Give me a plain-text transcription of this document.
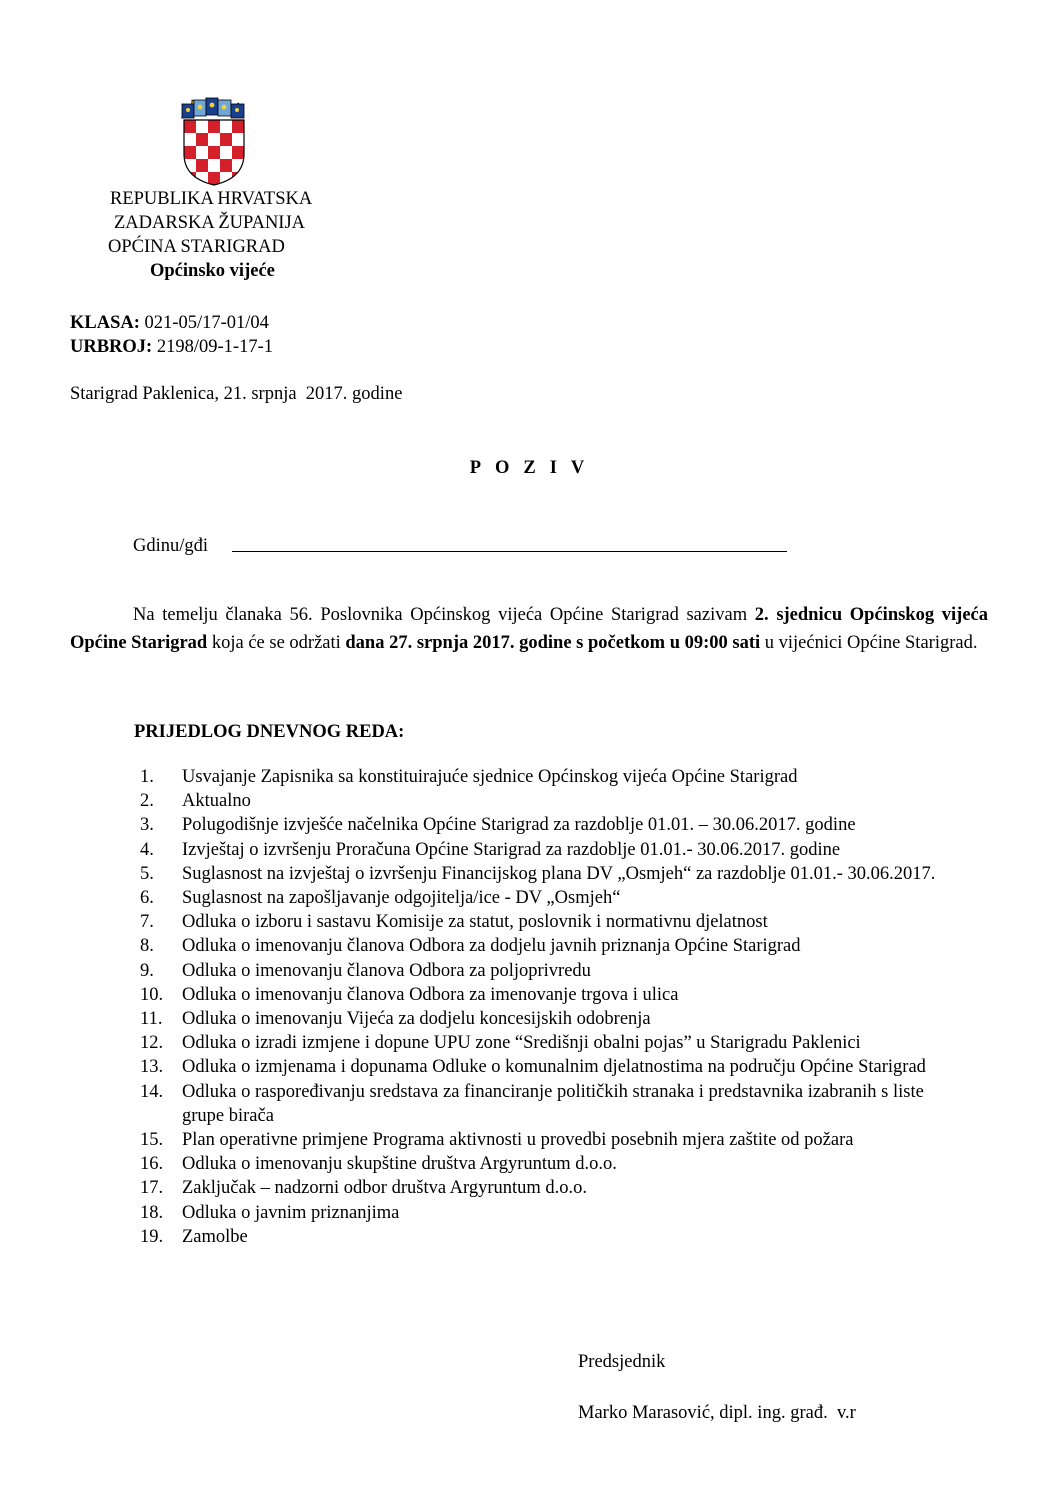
REPUBLIKA HRVATSKA
ZADARSKA ŽUPANIJA
OPĆINA STARIGRAD
Općinsko vijeće
KLASA: 021-05/17-01/04
URBROJ: 2198/09-1-17-1
Starigrad Paklenica, 21. srpnja  2017. godine
POZIV
Gdinu/gđi
Na temelju članaka 56. Poslovnika Općinskog vijeća Općine Starigrad sazivam 2. sjednicu Općinskog vijeća Općine Starigrad koja će se održati dana 27. srpnja 2017. godine s početkom u 09:00 sati u vijećnici Općine Starigrad.
PRIJEDLOG DNEVNOG REDA:
1.	Usvajanje Zapisnika sa konstituirajuće sjednice Općinskog vijeća Općine Starigrad
2.	Aktualno
3.	Polugodišnje izvješće načelnika Općine Starigrad za razdoblje 01.01. – 30.06.2017. godine
4.	Izvještaj o izvršenju Proračuna Općine Starigrad za razdoblje 01.01.- 30.06.2017. godine
5.	Suglasnost na izvještaj o izvršenju Financijskog plana DV „Osmjeh“ za razdoblje 01.01.- 30.06.2017.
6.	Suglasnost na zapošljavanje odgojitelja/ice - DV „Osmjeh“
7.	Odluka o izboru i sastavu Komisije za statut, poslovnik i normativnu djelatnost
8.	Odluka o imenovanju članova Odbora za dodjelu javnih priznanja Općine Starigrad
9.	Odluka o imenovanju članova Odbora za poljoprivredu
10.	Odluka o imenovanju članova Odbora za imenovanje trgova i ulica
11.	Odluka o imenovanju Vijeća za dodjelu koncesijskih odobrenja
12.	Odluka o izradi izmjene i dopune UPU zone “Središnji obalni pojas” u Starigradu Paklenici
13.	Odluka o izmjenama i dopunama Odluke o komunalnim djelatnostima na području Općine Starigrad
14.	Odluka o raspoređivanju sredstava za financiranje političkih stranaka i predstavnika izabranih s liste grupe birača
15.	Plan operativne primjene Programa aktivnosti u provedbi posebnih mjera zaštite od požara
16.	Odluka o imenovanju skupštine društva Argyruntum d.o.o.
17.	Zaključak – nadzorni odbor društva Argyruntum d.o.o.
18.	Odluka o javnim priznanjima
19.	Zamolbe
Predsjednik
Marko Marasović, dipl. ing. građ.  v.r
